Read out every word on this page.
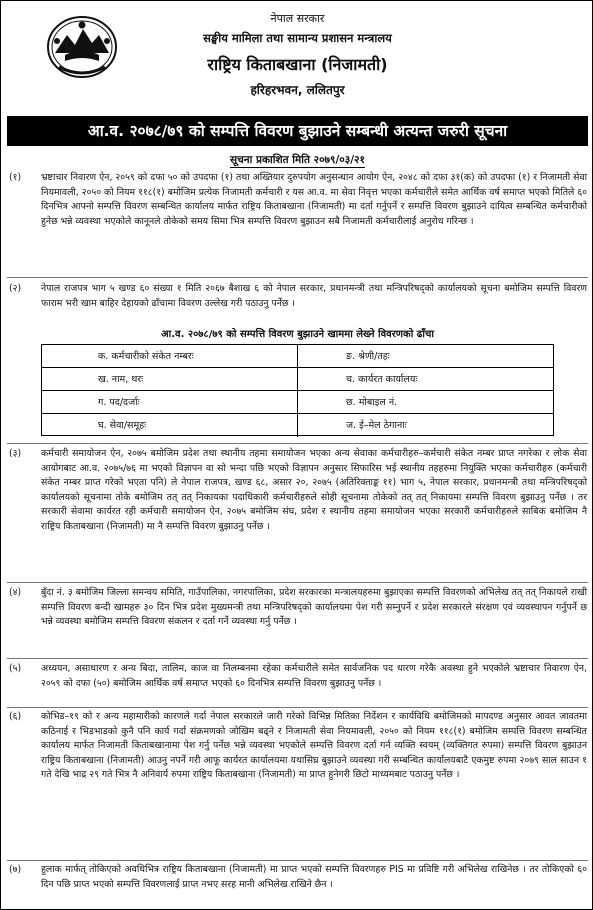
नेपाल सरकार
सङ्घीय मामिला तथा सामान्य प्रशासन मन्त्रालय
राष्ट्रिय किताबखाना (निजामती)
हरिहरभवन, ललितपुर
आ.व. २०७८/७९ को सम्पत्ति विवरण बुझाउने सम्बन्धी अत्यन्त जरुरी सूचना
सूचना प्रकाशित मिति २०७९/०३/२१
(१)	भ्रष्टाचार निवारण ऐन, २०५९ को दफा ५० को उपदफा (१) तथा अख्तियार दुरुपयोग अनुसन्धान आयोग ऐन, २०४८ को दफा ३१(क) को उपदफा (१) र निजामती सेवा नियमावली, २०५० को नियम ११८(१) बमोजिम प्रत्येक निजामती कर्मचारी र यस आ.व. मा सेवा निवृत्त भएका कर्मचारीले समेत आर्थिक वर्ष समाप्त भएको मितिले ६० दिनभित्र आफ्नो सम्पत्ति विवरण सम्बन्धित कार्यालय मार्फत राष्ट्रिय किताबखाना (निजामती) मा दर्ता गर्नुपर्ने र सम्पत्ति विवरण बुझाउने दायित्व सम्बन्धित कर्मचारीको हुनेछ भन्ने व्यवस्था भएकोले कानूनले तोकेको समय सिमा भित्र सम्पत्ति विवरण बुझाउन सबै निजामती कर्मचारीलाई अनुरोध गरिन्छ ।
(२)	नेपाल राजपत्र भाग ५ खण्ड ६० संख्या १ मिति २०६७ बैशाख ६ को नेपाल सरकार, प्रधानमन्त्री तथा मन्त्रिपरिषद्को कार्यालयको सूचना बमोजिम सम्पत्ति विवरण फाराम भरी खाम बाहिर देहायको ढाँचामा विवरण उल्लेख गरी पठाउनु पर्नेछ ।
आ.व. २०७८/७९ को सम्पत्ति विवरण बुझाउने खाममा लेख्ने विवरणको ढाँचा
क. कर्मचारीको संकेत नम्बरः	ङ. श्रेणी/तहः
ख. नाम, थरः	च. कार्यरत कार्यालयः
ग. पद/दर्जाः	छ. मोबाइल नं.
घ. सेवा/समूहः	ज. ई–मेल ठेगानाः
(३)	कर्मचारी समायोजन ऐन, २०७५ बमोजिम प्रदेश तथा स्थानीय तहमा समायोजन भएका अन्य सेवाका कर्मचारीहरु–कर्मचारी संकेत नम्बर प्राप्त नगरेका र लोक सेवा आयोगबाट आ.व. २०७५/७६ मा भएको विज्ञापन वा सो भन्दा पछि भएको विज्ञापन अनुसार सिफारिस भई स्थानीय तहहरुमा नियुक्ति भएका कर्मचारीहरु (कर्मचारी संकेत नम्बर प्राप्त गरेको भएता पनि) ले नेपाल राजपत्र, खण्ड ६८, असार २०, २०७५ (अतिरिक्ताङ्क ११) भाग ५, नेपाल सरकार, प्रधानमन्त्री तथा मन्त्रिपरिषद्को कार्यालयको सूचनामा तोके बमोजिम तत् तत् निकायका पदाधिकारी कर्मचारीहरुले सोही सूचनामा तोकेको तत् तत् निकायमा सम्पत्ति विवरण बुझाउनु पर्नेछ । तर सरकारी सेवामा कार्यरत रही कर्मचारी समायोजन ऐन, २०७५ बमोजिम संघ, प्रदेश र स्थानीय तहमा समायोजन भएका सरकारी कर्मचारीहरुले साबिक बमोजिम नै राष्ट्रिय किताबखाना (निजामती) मा नै सम्पत्ति विवरण बुझाउनु पर्नेछ ।
(४)	बुँदा नं. ३ बमोजिम जिल्ला समन्वय समिति, गाउँपालिका, नगरपालिका, प्रदेश सरकारका मन्त्रालयहरुमा बुझाएका सम्पत्ति विवरणको अभिलेख तत् तत् निकायले राखी सम्पत्ति विवरण बन्दी खामहरु ३० दिन भित्र प्रदेश मुख्यमन्त्री तथा मन्त्रिपरिषद्को कार्यालयमा पेश गरी सम्नुपर्ने र प्रदेश सरकारले संरक्षण एवं व्यवस्थापन गर्नुपर्ने छ भन्ने व्यवस्था बमोजिम सम्पत्ति विवरण संकलन र दर्ता गर्ने व्यवस्था गर्नु पर्नेछ ।
(५)	अध्ययन, असाधारण र अन्य बिदा, तालिम, काज वा निलम्बनमा रहेका कर्मचारीले समेत सार्वजनिक पद धारण गरेकै अवस्था हुने भएकोले भ्रष्टाचार निवारण ऐन, २०५९ को दफा (५०) बमोजिम आर्थिक वर्ष समाप्त भएको ६० दिनभित्र सम्पत्ति विवरण बुझाउनु पर्नेछ ।
(६)	कोभिड–१९ को र अन्य महामारीको कारणले गर्दा नेपाल सरकारले जारी गरेको विभिन्न मितिका निर्देशन र कार्यविधि बमोजिमको मापदण्ड अनुसार आवत जावतमा कठिनाई र भिडभाडको कुनै पनि कार्य गर्दा संक्रमणको जोखिम बढ्ने र निजामती सेवा नियमावली, २०५० को नियम ११८(१) बमोजिम सम्पत्ति विवरण सम्बन्धित कार्यालय मार्फत निजामती किताबखानामा पेश गर्नु पर्नेछ भन्ने व्यवस्था भएकोले सम्पत्ति विवरण दर्ता गर्न व्यक्ति स्वयम् (व्यक्तिगत रुपमा) सम्पत्ति विवरण बुझाउन राष्ट्रिय किताबखाना (निजामती) आउनु नपर्ने गरी आफू कार्यरत कार्यालयमा यथासिघ्र बुझाउने व्यवस्था गरी सम्बन्धित कार्यालयबाटै एकमुष्ट रुपमा २०७९ साल साउन १ गते देखि भाद्र २९ गते भित्र नै अनिवार्य रुपमा राष्ट्रिय किताबखाना (निजामती) मा प्राप्त हुनेगरी छिटो माध्यमबाट पठाउनु पर्नेछ ।
(७)	हुलाक मार्फत् तोकिएको अवधिभित्र राष्ट्रिय किताबखाना (निजामती) मा प्राप्त भएको सम्पत्ति विवरणहरु PIS मा प्रविष्टि गरी अभिलेख राखिनेछ । तर तोकिएको ६० दिन पछि प्राप्त भएको सम्पत्ति विवरणलाई प्राप्त नभए सरह मानी अभिलेख राखिने छैन ।
